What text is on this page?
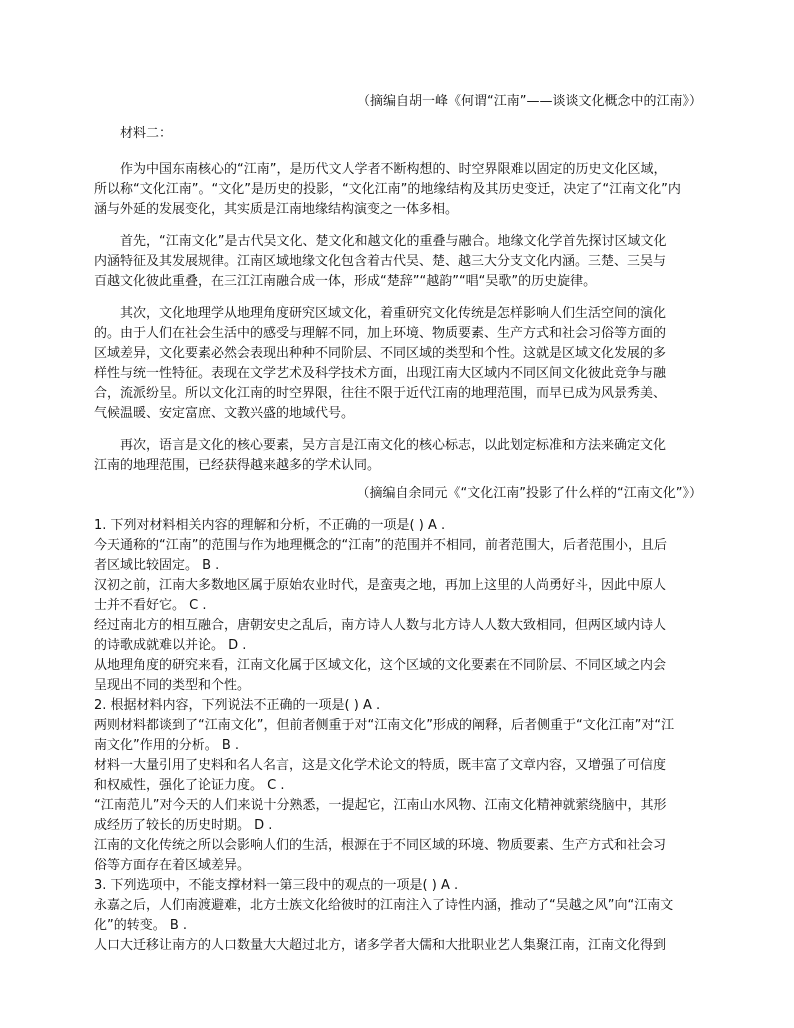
（摘编自胡一峰《何谓“江南”——谈谈文化概念中的江南》）
材料二：
作为中国东南核心的“江南”，是历代文人学者不断构想的、时空界限难以固定的历史文化区域，
所以称“文化江南”。“文化”是历史的投影，“文化江南”的地缘结构及其历史变迁，决定了“江南文化”内
涵与外延的发展变化，其实质是江南地缘结构演变之一体多相。
首先，“江南文化”是古代吴文化、楚文化和越文化的重叠与融合。地缘文化学首先探讨区域文化
内涵特征及其发展规律。江南区域地缘文化包含着古代吴、楚、越三大分支文化内涵。三楚、三吴与
百越文化彼此重叠，在三江江南融合成一体，形成“楚辞”“越韵”“唱“吴歌”的历史旋律。
其次，文化地理学从地理角度研究区域文化，着重研究文化传统是怎样影响人们生活空间的演化
的。由于人们在社会生活中的感受与理解不同，加上环境、物质要素、生产方式和社会习俗等方面的
区域差异，文化要素必然会表现出种种不同阶层、不同区域的类型和个性。这就是区域文化发展的多
样性与统一性特征。表现在文学艺术及科学技术方面，出现江南大区域内不同区间文化彼此竞争与融
合，流派纷呈。所以文化江南的时空界限，往往不限于近代江南的地理范围，而早已成为风景秀美、
气候温暖、安定富庶、文教兴盛的地域代号。
再次，语言是文化的核心要素，吴方言是江南文化的核心标志，以此划定标准和方法来确定文化
江南的地理范围，已经获得越来越多的学术认同。
（摘编自余同元《“文化江南”投影了什么样的“江南文化”》）
1. 下列对材料相关内容的理解和分析，不正确的一项是( ) A .
今天通称的“江南”的范围与作为地理概念的“江南”的范围并不相同，前者范围大，后者范围小，且后
者区域比较固定。 B .
汉初之前，江南大多数地区属于原始农业时代，是蛮夷之地，再加上这里的人尚勇好斗，因此中原人
士并不看好它。 C .
经过南北方的相互融合，唐朝安史之乱后，南方诗人人数与北方诗人人数大致相同，但两区域内诗人
的诗歌成就难以并论。 D .
从地理角度的研究来看，江南文化属于区域文化，这个区域的文化要素在不同阶层、不同区域之内会
呈现出不同的类型和个性。
2. 根据材料内容，下列说法不正确的一项是( ) A .
两则材料都谈到了“江南文化”，但前者侧重于对“江南文化”形成的阐释，后者侧重于“文化江南”对“江
南文化”作用的分析。 B .
材料一大量引用了史料和名人名言，这是文化学术论文的特质，既丰富了文章内容，又增强了可信度
和权威性，强化了论证力度。 C .
“江南范儿”对今天的人们来说十分熟悉，一提起它，江南山水风物、江南文化精神就萦绕脑中，其形
成经历了较长的历史时期。 D .
江南的文化传统之所以会影响人们的生活，根源在于不同区域的环境、物质要素、生产方式和社会习
俗等方面存在着区域差异。
3. 下列选项中，不能支撑材料一第三段中的观点的一项是( ) A .
永嘉之后，人们南渡避难，北方士族文化给彼时的江南注入了诗性内涵，推动了“吴越之风”向“江南文
化”的转变。 B .
人口大迁移让南方的人口数量大大超过北方，诸多学者大儒和大批职业艺人集聚江南，江南文化得到
